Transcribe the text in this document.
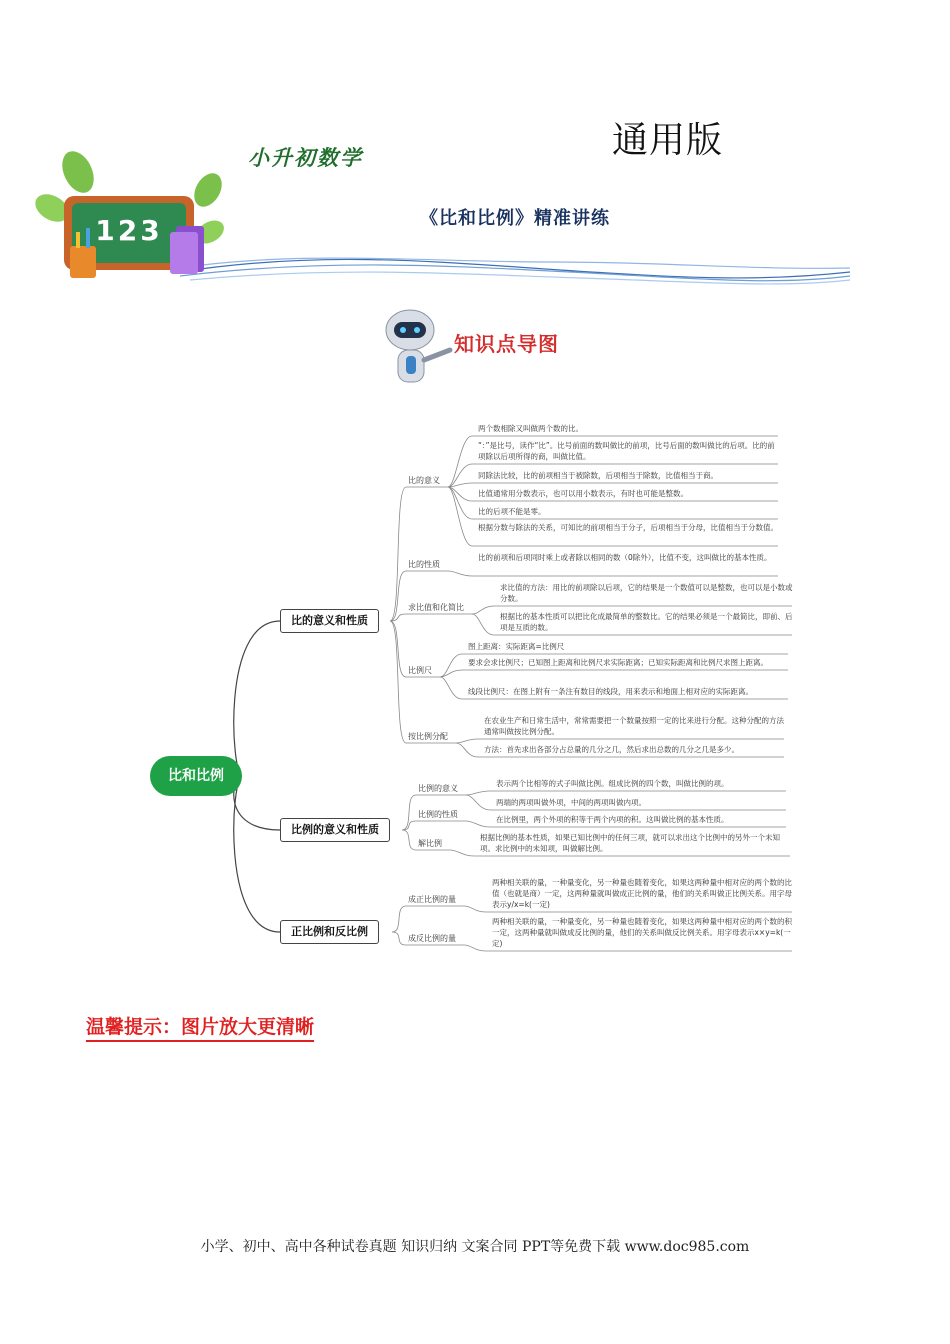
123
小升初数学	通用版
《比和比例》精准讲练
知识点导图
比和比例
比的意义和性质
比的意义
两个数相除又叫做两个数的比。
“：”是比号，读作“比”。比号前面的数叫做比的前项，比号后面的数叫做比的后项。比的前项除以后项所得的商，叫做比值。
同除法比较，比的前项相当于被除数，后项相当于除数，比值相当于商。
比值通常用分数表示，也可以用小数表示，有时也可能是整数。
比的后项不能是零。
根据分数与除法的关系，可知比的前项相当于分子，后项相当于分母，比值相当于分数值。
比的性质
比的前项和后项同时乘上或者除以相同的数（0除外），比值不变，这叫做比的基本性质。
求比值和化简比
求比值的方法：用比的前项除以后项，它的结果是一个数值可以是整数，也可以是小数或分数。
根据比的基本性质可以把比化成最简单的整数比。它的结果必须是一个最简比，即前、后项是互质的数。
比例尺
图上距离：实际距离=比例尺
要求会求比例尺；已知图上距离和比例尺求实际距离；已知实际距离和比例尺求图上距离。
线段比例尺：在图上附有一条注有数目的线段，用来表示和地面上相对应的实际距离。
按比例分配
在农业生产和日常生活中，常常需要把一个数量按照一定的比来进行分配。这种分配的方法通常叫做按比例分配。
方法：首先求出各部分占总量的几分之几，然后求出总数的几分之几是多少。
比例的意义和性质
比例的意义
表示两个比相等的式子叫做比例。组成比例的四个数，叫做比例的项。
两端的两项叫做外项，中间的两项叫做内项。
比例的性质
在比例里，两个外项的积等于两个内项的积。这叫做比例的基本性质。
解比例
根据比例的基本性质，如果已知比例中的任何三项，就可以求出这个比例中的另外一个未知项。求比例中的未知项，叫做解比例。
正比例和反比例
成正比例的量
两种相关联的量，一种量变化，另一种量也随着变化，如果这两种量中相对应的两个数的比值（也就是商）一定，这两种量就叫做成正比例的量，他们的关系叫做正比例关系。用字母表示y/x=k(一定)
成反比例的量
两种相关联的量，一种量变化，另一种量也随着变化，如果这两种量中相对应的两个数的积一定，这两种量就叫做成反比例的量，他们的关系叫做反比例关系。用字母表示x×y=k(一定)
温馨提示：图片放大更清晰
小学、初中、高中各种试卷真题 知识归纳 文案合同 PPT等免费下载 www.doc985.com
